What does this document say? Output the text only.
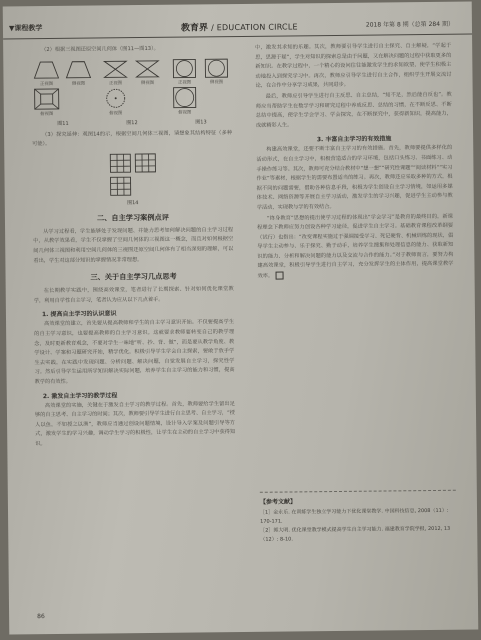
▼课程教学	教育界 / EDUCATION CIRCLE	2018 年第 8 期（总第 284 期）

（2）根据三视图还原空间几何体（图11—图13）。

正视图	侧视图
俯视图
图11
正视图	侧视图
俯视图
图12
正视图	侧视图
俯视图
图13

（3）探究延伸：观图14的示，根据空间几何体三视图，请想象其结构特征（多种可能）。

图14
二、自主学习案例点评

从学习过程看，学生能够处于发现问题、并能力思考如何解决问题的自主学习过程中，从教学效果看，学生不仅掌握了空间几何体的三视图这一概念，而且对如何根据空间几何体三视图和利用空间几何体的三视图还原空间几何体有了相当深刻的理解，可以看出，学生对这部分知识的掌握情况非常理想。

三、关于自主学习几点思考

在长期教学实践中，围绕高效课堂，笔者进行了长期探索、针对如何优化课堂教学，利用自学性自主学习，笔者认为应从以下几点着手。

1. 提高自主学习的认识意识

高效课堂的建立，首先要从提高教师和学生的自主学习意识开始。不仅要提高学生的自主学习意识，也要提高教师的自主学习意识。这就要求教师要转变自己的教学理念，及时更新教育观念，不要对学生一味地“听、抄、背、做”，而是要从教学角度、教学设计、学案和习题研究开始，精学优化，积极引导学生学会自主探索，要敢于放手学生去实践，在实践中发现问题、分析问题、解决问题，自觉发展自主学习，探究性学习。然后引导学生运用所学知识解决实际问题，培养学生自主学习的能力和习惯，提高教学的有效性。

2. 激发自主学习的教学过程

高效课堂的实施，关键在于激发自主学习的教学过程。首先，教师要给学生留出足够的自主思考、自主学习的时间；其次，教师要引导学生进行自主思考、自主学习，“授人以鱼，不如授之以渔”，教师应当通过创设问题情境，设计导入学案及问题引导等方式，激发学生的学习兴趣，调动学生学习的积极性，让学生在主动的自主学习中获得知识。

中，激发其求知的乐趣。其次，教师要引导学生进行自主探究、自主解疑，“学起于思，思源于疑”，学生对知识的探索总是由于问题，又在解决问题的过程中获取更多的新知识。在教学过程中，一个精心的设问往往能激发学生的求知欲望，使学生积极主动地投入到探究学习中。再次，教师应引导学生进行自主合作，组织学生开展交流讨论，在合作中分享学习成果，共同进步。

最后，教师应引导学生进行自主反思、自主总结，“知不足，然后能自反也”。教师应当帮助学生在数学学习和研究过程中养成反思、总结的习惯，在不断反思、不断总结中提高，使学生学会学习、学会探究，在不断探究中，获得新知识，提高能力，成就精彩人生。

3. 丰富自主学习的有效措施

构建高效课堂，还要不断丰富自主学习的有效措施。首先，教师要提供多样化的活动形式，在自主学习中，积极营造适合的学习环境，包括口头练习、书面练习、动手操作练习等。其次，教师可充分结合教材中“想一想”“研究性课题”“阅读材料”“实习作业”等素材，根据学生的需要布置适当的练习。再次，教师还应采取多种的方式，根据不同的问题需要，借助各种信息手段，积极为学生创设自主学习情境，如运用多媒体技术、网络资源等开展自主学习活动，激发学生的学习兴趣，促进学生主动参与教学活动，实现教与学的有效结合。

“终身教育”思想的提出使学习过程的体现出“学会学习”是教育的最终目的，新课程理念下教师应努力创设各种学习途径，促进学生自主学习。基础教育课程改革纲要（试行）也指出：“改变课程实施过于强调接受学习、死记硬背、机械训练的现状，倡导学生主动参与、乐于探究、勤于动手，培养学生搜集和处理信息的能力、获取新知识的能力、分析和解决问题的能力以及交流与合作的能力。”对于教师而言，要努力构建高效课堂，积极引导学生进行自主学习，充分发挥学生的主体作用，提高课堂教学效率。

【参考文献】
［1］金永乐. 在训练学生独立学习能力下优化课堂教学. 中国科技信息, 2008（11）: 170-171.
［2］郭大明. 优化课堂教学模式提高学生自主学习能力. 福建教育学院学报, 2012, 13（12）: 8-10.
86
